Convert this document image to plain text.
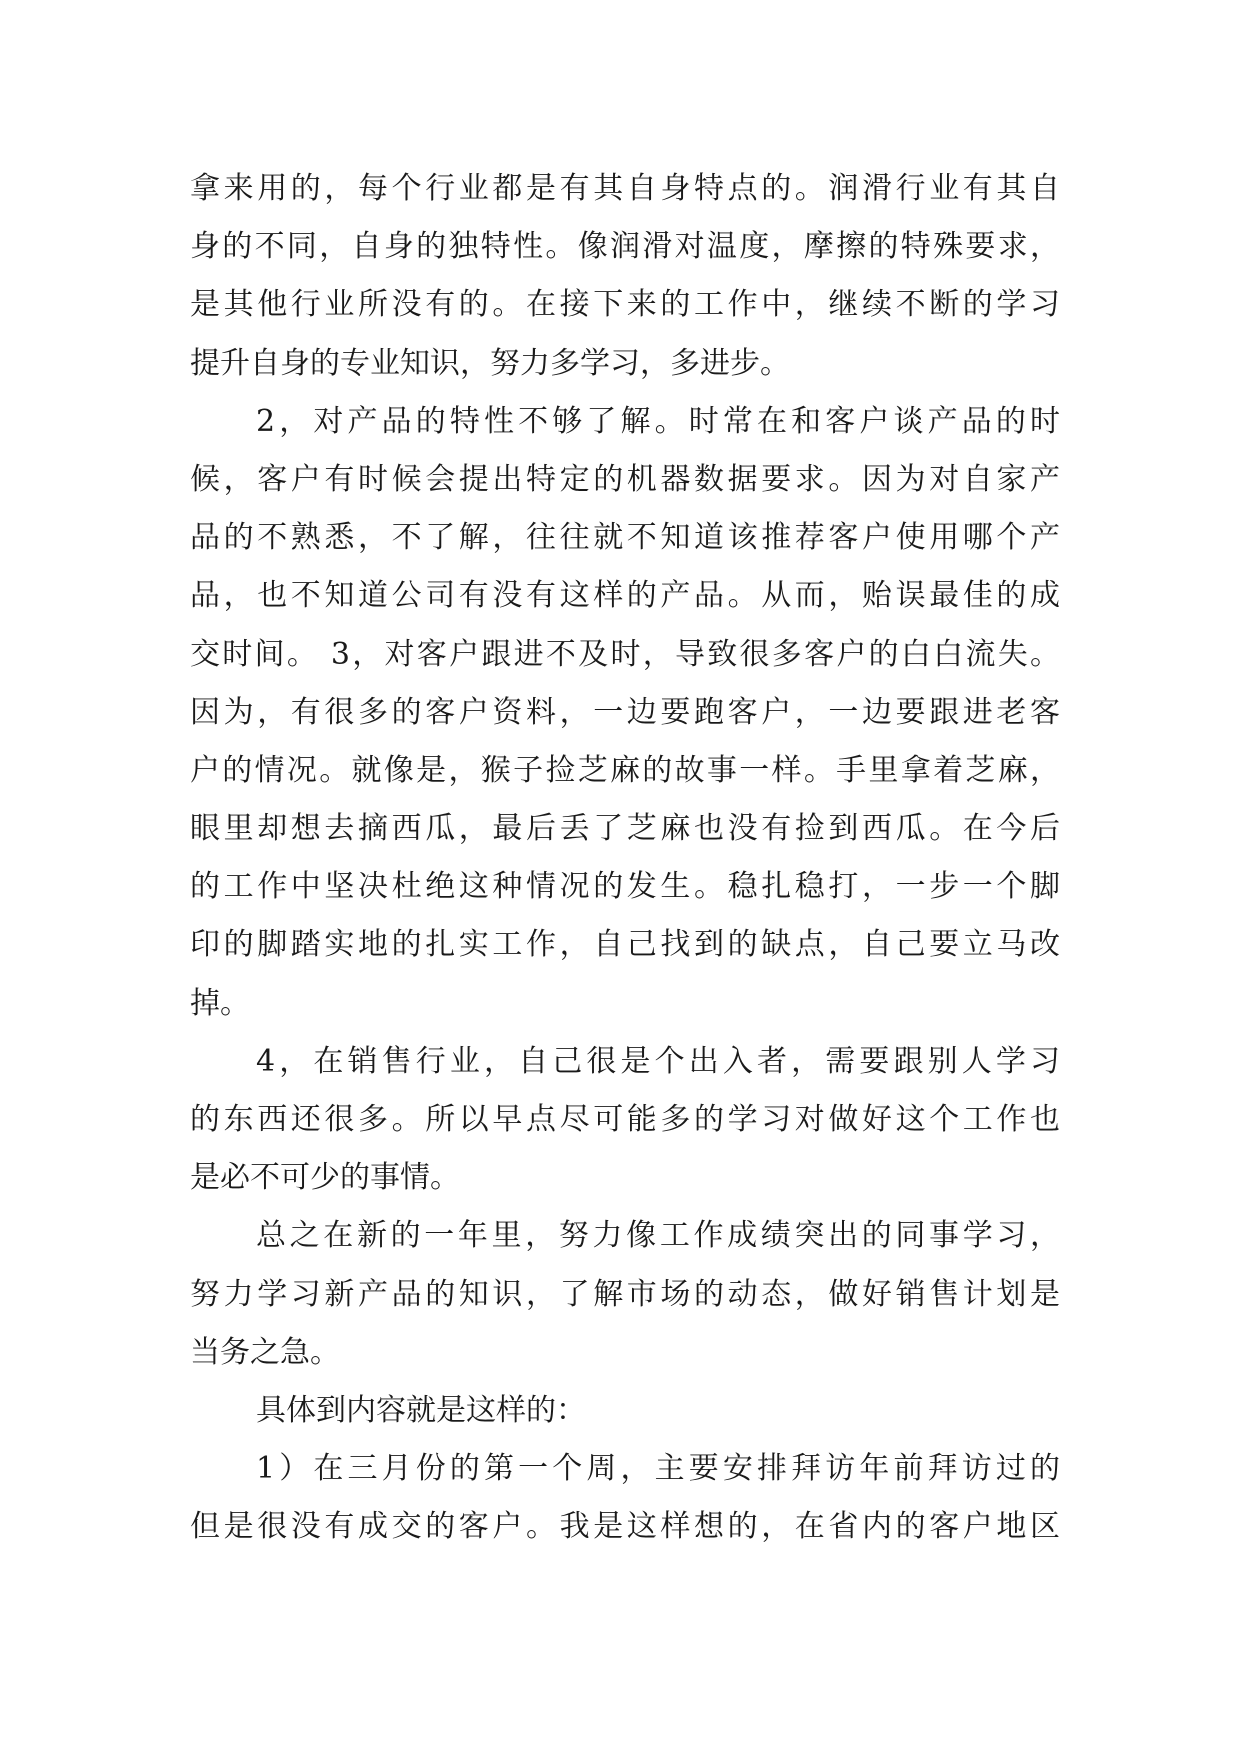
拿来用的，每个行业都是有其自身特点的。润滑行业有其自
身的不同，自身的独特性。像润滑对温度，摩擦的特殊要求，
是其他行业所没有的。在接下来的工作中，继续不断的学习
提升自身的专业知识，努力多学习，多进步。
2，对产品的特性不够了解。时常在和客户谈产品的时
候，客户有时候会提出特定的机器数据要求。因为对自家产
品的不熟悉，不了解，往往就不知道该推荐客户使用哪个产
品，也不知道公司有没有这样的产品。从而，贻误最佳的成
交时间。 3，对客户跟进不及时，导致很多客户的白白流失。
因为，有很多的客户资料，一边要跑客户，一边要跟进老客
户的情况。就像是，猴子捡芝麻的故事一样。手里拿着芝麻，
眼里却想去摘西瓜，最后丢了芝麻也没有捡到西瓜。在今后
的工作中坚决杜绝这种情况的发生。稳扎稳打，一步一个脚
印的脚踏实地的扎实工作，自己找到的缺点，自己要立马改
掉。
4，在销售行业，自己很是个出入者，需要跟别人学习
的东西还很多。所以早点尽可能多的学习对做好这个工作也
是必不可少的事情。
总之在新的一年里，努力像工作成绩突出的同事学习，
努力学习新产品的知识，了解市场的动态，做好销售计划是
当务之急。
具体到内容就是这样的：
1）在三月份的第一个周，主要安排拜访年前拜访过的
但是很没有成交的客户。我是这样想的，在省内的客户地区
